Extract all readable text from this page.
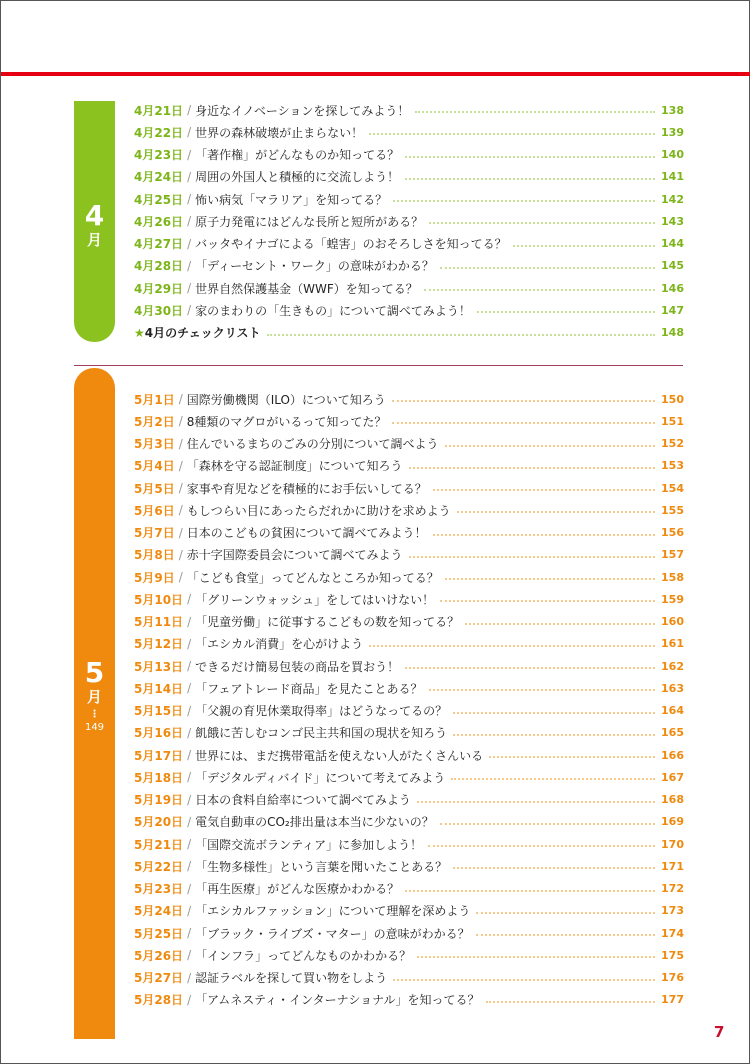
4
月
4月21日 / 身近なイノベーションを探してみよう！	138
4月22日 / 世界の森林破壊が止まらない！	139
4月23日 / 「著作権」がどんなものか知ってる？	140
4月24日 / 周囲の外国人と積極的に交流しよう！	141
4月25日 / 怖い病気「マラリア」を知ってる？	142
4月26日 / 原子力発電にはどんな長所と短所がある？	143
4月27日 / バッタやイナゴによる「蝗害」のおそろしさを知ってる？	144
4月28日 / 「ディーセント・ワーク」の意味がわかる？	145
4月29日 / 世界自然保護基金（WWF）を知ってる？	146
4月30日 / 家のまわりの「生きもの」について調べてみよう！	147
★ 4月のチェックリスト	148
5
月
⋮
149
5月1日 / 国際労働機関（ILO）について知ろう	150
5月2日 / 8種類のマグロがいるって知ってた？	151
5月3日 / 住んでいるまちのごみの分別について調べよう	152
5月4日 / 「森林を守る認証制度」について知ろう	153
5月5日 / 家事や育児などを積極的にお手伝いしてる？	154
5月6日 / もしつらい目にあったらだれかに助けを求めよう	155
5月7日 / 日本のこどもの貧困について調べてみよう！	156
5月8日 / 赤十字国際委員会について調べてみよう	157
5月9日 / 「こども食堂」ってどんなところか知ってる？	158
5月10日 / 「グリーンウォッシュ」をしてはいけない！	159
5月11日 / 「児童労働」に従事するこどもの数を知ってる？	160
5月12日 / 「エシカル消費」を心がけよう	161
5月13日 / できるだけ簡易包装の商品を買おう！	162
5月14日 / 「フェアトレード商品」を見たことある？	163
5月15日 / 「父親の育児休業取得率」はどうなってるの？	164
5月16日 / 飢餓に苦しむコンゴ民主共和国の現状を知ろう	165
5月17日 / 世界には、まだ携帯電話を使えない人がたくさんいる	166
5月18日 / 「デジタルディバイド」について考えてみよう	167
5月19日 / 日本の食料自給率について調べてみよう	168
5月20日 / 電気自動車のCO₂排出量は本当に少ないの？	169
5月21日 / 「国際交流ボランティア」に参加しよう！	170
5月22日 / 「生物多様性」という言葉を聞いたことある？	171
5月23日 / 「再生医療」がどんな医療かわかる？	172
5月24日 / 「エシカルファッション」について理解を深めよう	173
5月25日 / 「ブラック・ライブズ・マター」の意味がわかる？	174
5月26日 / 「インフラ」ってどんなものかわかる？	175
5月27日 / 認証ラベルを探して買い物をしよう	176
5月28日 / 「アムネスティ・インターナショナル」を知ってる？	177
7
